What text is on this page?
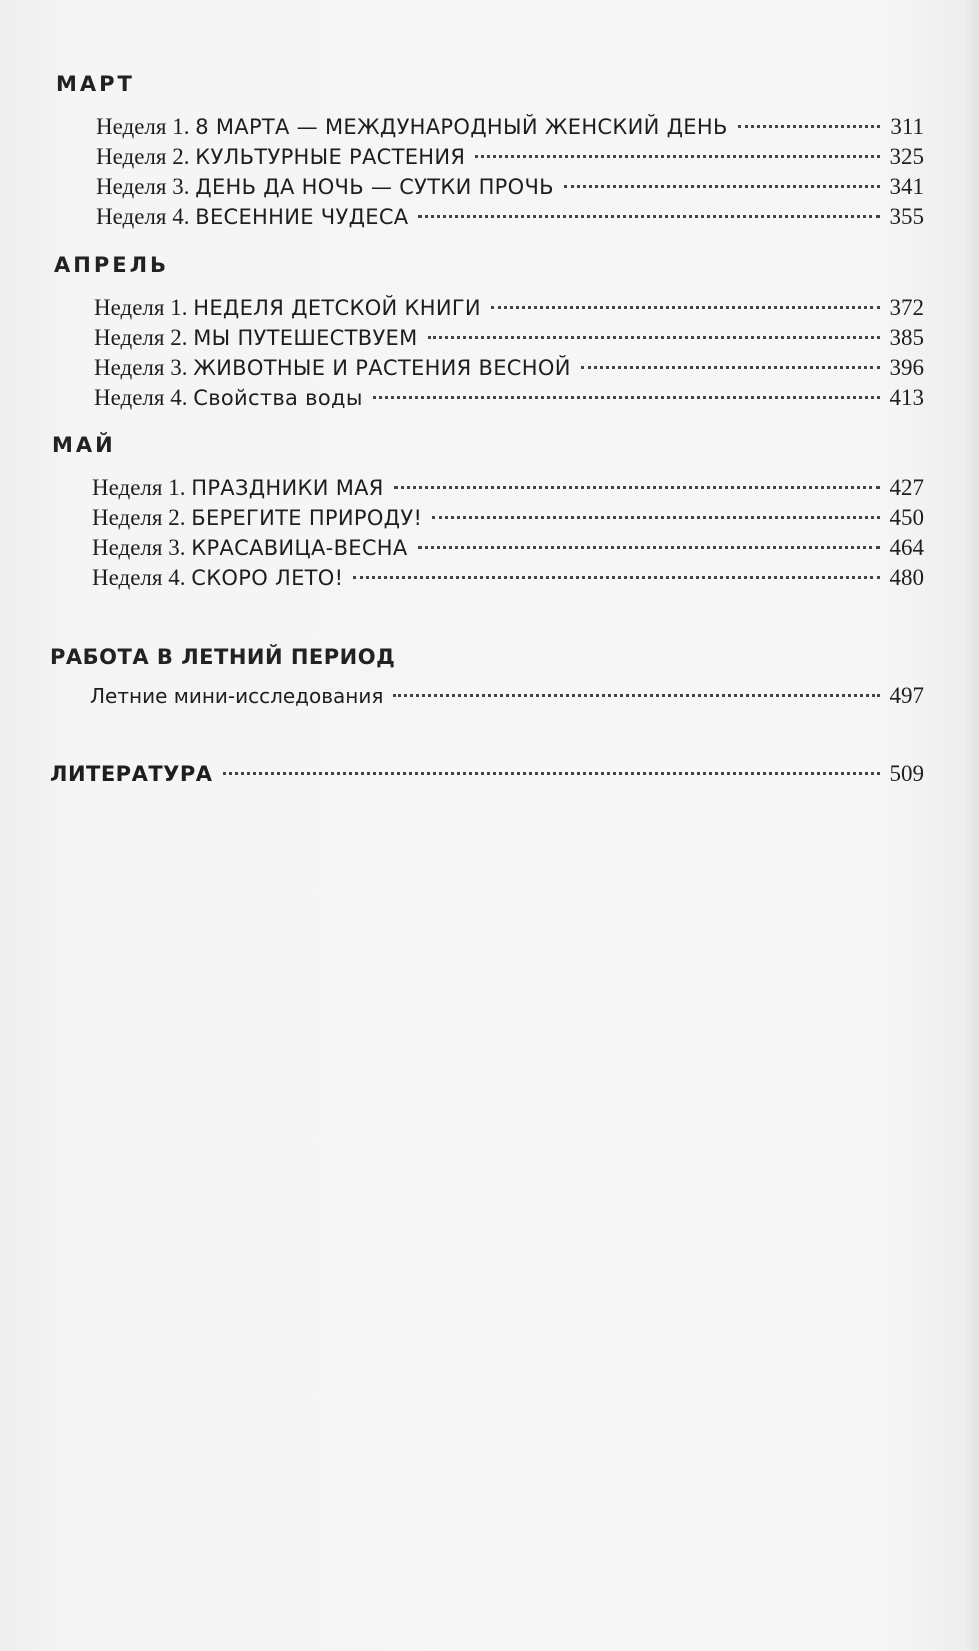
МАРТ
Неделя 1. 8 МАРТА — МЕЖДУНАРОДНЫЙ ЖЕНСКИЙ ДЕНЬ	311
Неделя 2. КУЛЬТУРНЫЕ РАСТЕНИЯ	325
Неделя 3. ДЕНЬ ДА НОЧЬ — СУТКИ ПРОЧЬ	341
Неделя 4. ВЕСЕННИЕ ЧУДЕСА	355
АПРЕЛЬ
Неделя 1. НЕДЕЛЯ ДЕТСКОЙ КНИГИ	372
Неделя 2. МЫ ПУТЕШЕСТВУЕМ	385
Неделя 3. ЖИВОТНЫЕ И РАСТЕНИЯ ВЕСНОЙ	396
Неделя 4. Свойства воды	413
МАЙ
Неделя 1. ПРАЗДНИКИ МАЯ	427
Неделя 2. БЕРЕГИТЕ ПРИРОДУ!	450
Неделя 3. КРАСАВИЦА-ВЕСНА	464
Неделя 4. СКОРО ЛЕТО!	480
РАБОТА В ЛЕТНИЙ ПЕРИОД
Летние мини-исследования	497
ЛИТЕРАТУРА	509
